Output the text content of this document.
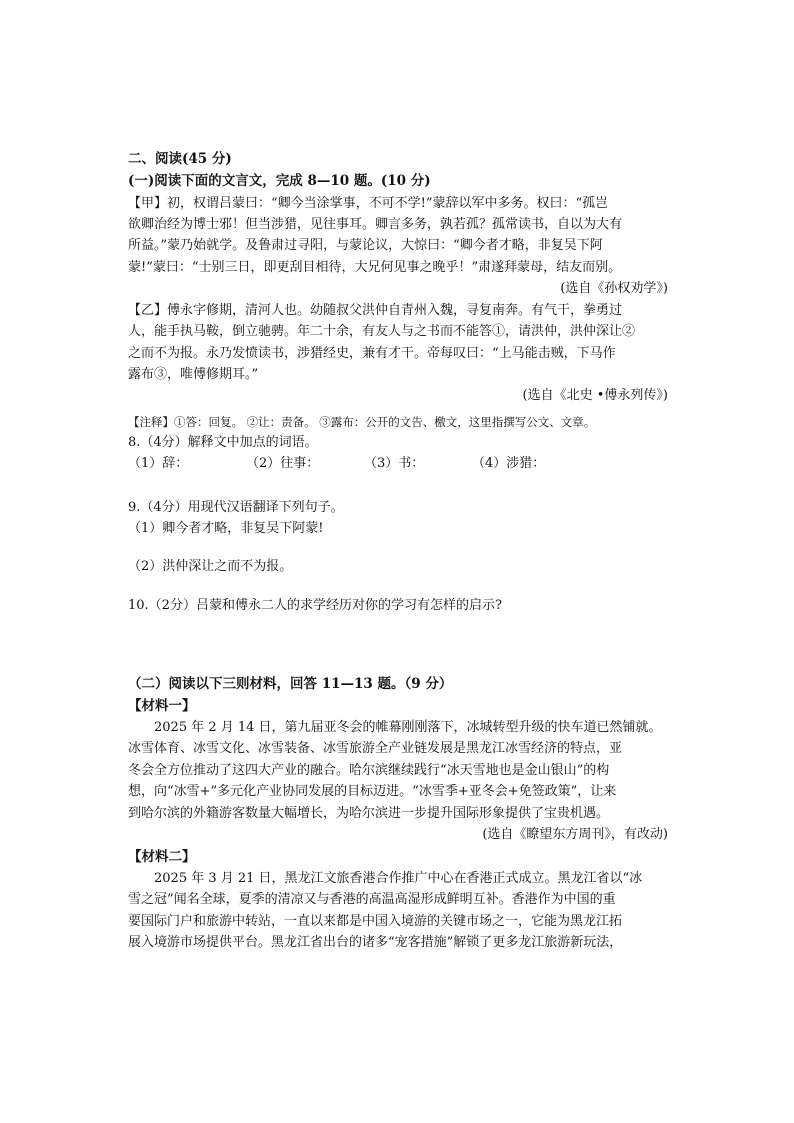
二、阅读(45 分)

(一)阅读下面的文言文，完成 8—10 题。(10 分)

【甲】初，权谓吕蒙曰：“卿今当涂掌事，不可不学!”蒙辞以军中多务。权曰：“孤岂

欲卿治经为博士邪！但当涉猎，见往事耳。卿言多务，孰若孤？孤常读书，自以为大有

所益。”蒙乃始就学。及鲁肃过寻阳，与蒙论议，大惊曰：“卿今者才略，非复吴下阿

蒙!”蒙曰：“士别三日，即更刮目相待，大兄何见事之晚乎！”肃遂拜蒙母，结友而别。

(选自《孙权劝学》)

【乙】傅永字修期，清河人也。幼随叔父洪仲自青州入魏，寻复南奔。有气干，拳勇过

人，能手执马鞍，倒立驰骋。年二十余，有友人与之书而不能答①，请洪仲，洪仲深让②

之而不为报。永乃发愤读书，涉猎经史，兼有才干。帝每叹曰：“上马能击贼，下马作

露布③，唯傅修期耳。”

(选自《北史 •傅永列传》)

【注释】①答：回复。 ②让：责备。 ③露布：公开的文告、檄文，这里指撰写公文、文章。

8.（4分）解释文中加点的词语。

（1）辞：	（2）往事：	（3）书：	（4）涉猎：

9.（4分）用现代汉语翻译下列句子。

（1）卿今者才略，非复吴下阿蒙!

（2）洪仲深让之而不为报。

10.（2分）吕蒙和傅永二人的求学经历对你的学习有怎样的启示?

（二）阅读以下三则材料，回答 11—13 题。（9 分）

【材料一】

2025 年 2 月 14 日，第九届亚冬会的帷幕刚刚落下，冰城转型升级的快车道已然铺就。

冰雪体育、冰雪文化、冰雪装备、冰雪旅游全产业链发展是黑龙江冰雪经济的特点，亚

冬会全方位推动了这四大产业的融合。哈尔滨继续践行“冰天雪地也是金山银山”的构

想，向“冰雪+”多元化产业协同发展的目标迈进。“冰雪季+亚冬会+免签政策”，让来

到哈尔滨的外籍游客数量大幅增长，为哈尔滨进一步提升国际形象提供了宝贵机遇。

(选自《瞭望东方周刊》，有改动)

【材料二】

2025 年 3 月 21 日，黑龙江文旅香港合作推广中心在香港正式成立。黑龙江省以“冰

雪之冠”闻名全球，夏季的清凉又与香港的高温高湿形成鲜明互补。香港作为中国的重

要国际门户和旅游中转站，一直以来都是中国入境游的关键市场之一，它能为黑龙江拓

展入境游市场提供平台。黑龙江省出台的诸多“宠客措施”解锁了更多龙江旅游新玩法，
